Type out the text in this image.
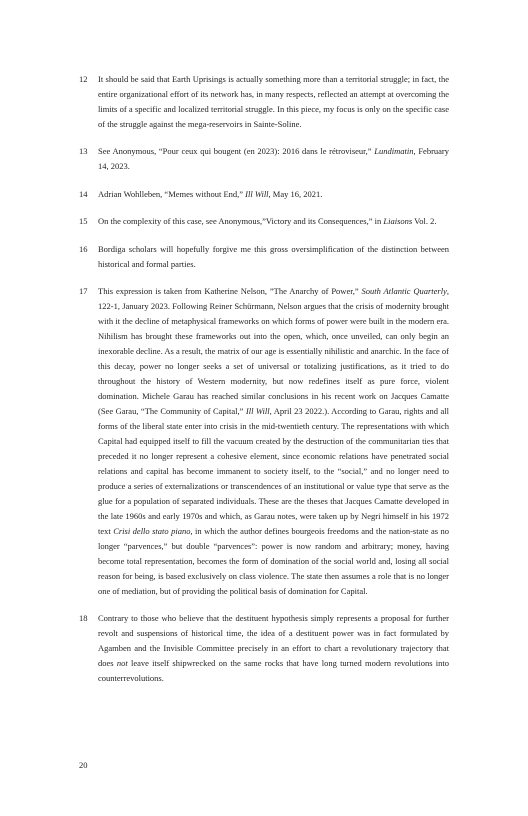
12	It should be said that Earth Uprisings is actually something more than a territorial struggle; in fact, the entire organizational effort of its network has, in many respects, reflected an attempt at overcoming the limits of a specific and localized territorial struggle. In this piece, my focus is only on the specific case of the struggle against the mega-reservoirs in Sainte-Soline.
13	See Anonymous, “Pour ceux qui bougent (en 2023): 2016 dans le rétroviseur,” Lundimatin, February 14, 2023.
14	Adrian Wohlleben, “Memes without End,” Ill Will, May 16, 2021.
15	On the complexity of this case, see Anonymous,”Victory and its Consequences,” in Liaisons Vol. 2.
16	Bordiga scholars will hopefully forgive me this gross oversimplification of the distinction between historical and formal parties.
17	This expression is taken from Katherine Nelson, ”The Anarchy of Power,” South Atlantic Quarterly, 122-1, January 2023. Following Reiner Schürmann, Nelson argues that the crisis of modernity brought with it the decline of metaphysical frameworks on which forms of power were built in the modern era. Nihilism has brought these frameworks out into the open, which, once unveiled, can only begin an inexorable decline. As a result, the matrix of our age is essentially nihilistic and anarchic. In the face of this decay, power no longer seeks a set of universal or totalizing justifications, as it tried to do throughout the history of Western modernity, but now redefines itself as pure force, violent domination. Michele Garau has reached similar conclusions in his recent work on Jacques Camatte (See Garau, “The Community of Capital,” Ill Will, April 23 2022.). According to Garau, rights and all forms of the liberal state enter into crisis in the mid-twentieth century. The representations with which Capital had equipped itself to fill the vacuum created by the destruction of the communitarian ties that preceded it no longer represent a cohesive element, since economic relations have penetrated social relations and capital has become immanent to society itself, to the “social,” and no longer need to produce a series of externalizations or transcendences of an institutional or value type that serve as the glue for a population of separated individuals. These are the theses that Jacques Camatte developed in the late 1960s and early 1970s and which, as Garau notes, were taken up by Negri himself in his 1972 text Crisi dello stato piano, in which the author defines bourgeois freedoms and the nation-state as no longer “parvences,” but double “parvences”: power is now random and arbitrary; money, having become total representation, becomes the form of domination of the social world and, losing all social reason for being, is based exclusively on class violence. The state then assumes a role that is no longer one of mediation, but of providing the political basis of domination for Capital.
18	Contrary to those who believe that the destituent hypothesis simply represents a proposal for further revolt and suspensions of historical time, the idea of a destituent power was in fact formulated by Agamben and the Invisible Committee precisely in an effort to chart a revolutionary trajectory that does not leave itself shipwrecked on the same rocks that have long turned modern revolutions into counterrevolutions.
20
